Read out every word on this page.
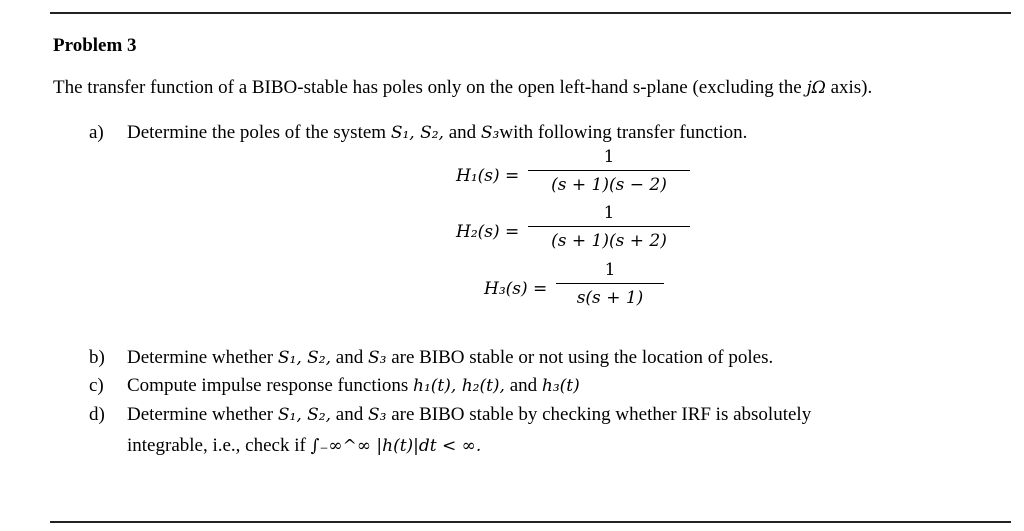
Problem 3
The transfer function of a BIBO-stable has poles only on the open left-hand s-plane (excluding the jΩ axis).
a) Determine the poles of the system S₁, S₂, and S₃with following transfer function.
H₁(s) =
1
(s + 1)(s − 2)
H₂(s) =
1
(s + 1)(s + 2)
H₃(s) =
1
s(s + 1)
b) Determine whether S₁, S₂, and S₃ are BIBO stable or not using the location of poles.
c) Compute impulse response functions h₁(t), h₂(t), and h₃(t)
d) Determine whether S₁, S₂, and S₃ are BIBO stable by checking whether IRF is absolutely
integrable, i.e., check if ∫₋∞^∞ |h(t)|dt < ∞.
